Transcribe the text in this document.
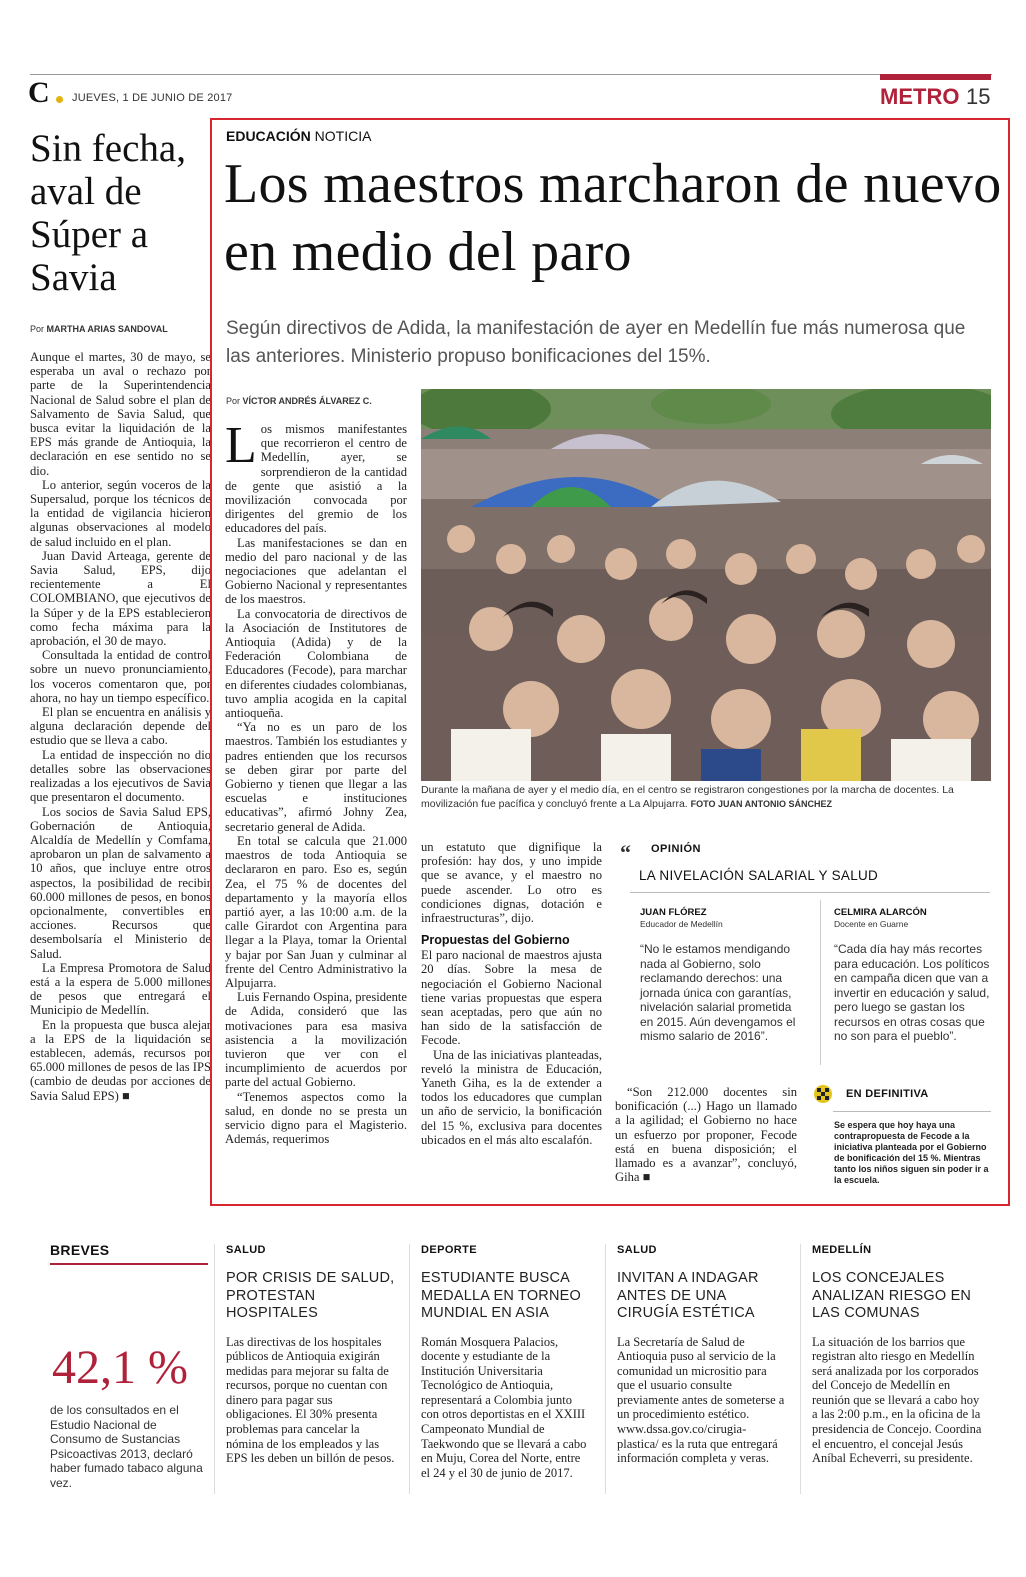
C JUEVES, 1 DE JUNIO DE 2017	METRO 15
Sin fecha, aval de Súper a Savia
Por MARTHA ARIAS SANDOVAL

Aunque el martes, 30 de mayo, se esperaba un aval o rechazo por parte de la Superintendencia Nacional de Salud sobre el plan de Salvamento de Savia Salud, que busca evitar la liquidación de la EPS más grande de Antioquia, la declaración en ese sentido no se dio.

Lo anterior, según voceros de la Supersalud, porque los técnicos de la entidad de vigilancia hicieron algunas observaciones al modelo de salud incluido en el plan.

Juan David Arteaga, gerente de Savia Salud, EPS, dijo recientemente a El COLOMBIANO, que ejecutivos de la Súper y de la EPS establecieron como fecha máxima para la aprobación, el 30 de mayo.

Consultada la entidad de control sobre un nuevo pronunciamiento, los voceros comentaron que, por ahora, no hay un tiempo específico.

El plan se encuentra en análisis y alguna declaración depende del estudio que se lleva a cabo.

La entidad de inspección no dio detalles sobre las observaciones realizadas a los ejecutivos de Savia que presentaron el documento.

Los socios de Savia Salud EPS, Gobernación de Antioquia, Alcaldía de Medellín y Comfama, aprobaron un plan de salvamento a 10 años, que incluye entre otros aspectos, la posibilidad de recibir 60.000 millones de pesos, en bonos opcionalmente, convertibles en acciones. Recursos que desembolsaría el Ministerio de Salud.

La Empresa Promotora de Salud está a la espera de 5.000 millones de pesos que entregará el Municipio de Medellín.

En la propuesta que busca alejar a la EPS de la liquidación se establecen, además, recursos por 65.000 millones de pesos de las IPS (cambio de deudas por acciones de Savia Salud EPS) ■

EDUCACIÓN NOTICIA
Los maestros marcharon de nuevo en medio del paro
Según directivos de Adida, la manifestación de ayer en Medellín fue más numerosa que las anteriores. Ministerio propuso bonificaciones del 15%.
Por VÍCTOR ANDRÉS ÁLVAREZ C.

Los mismos manifestantes que recorrieron el centro de Medellín, ayer, se sorprendieron de la cantidad de gente que asistió a la movilización convocada por dirigentes del gremio de los educadores del país.

Las manifestaciones se dan en medio del paro nacional y de las negociaciones que adelantan el Gobierno Nacional y representantes de los maestros.

La convocatoria de directivos de la Asociación de Institutores de Antioquia (Adida) y de la Federación Colombiana de Educadores (Fecode), para marchar en diferentes ciudades colombianas, tuvo amplia acogida en la capital antioqueña.

“Ya no es un paro de los maestros. También los estudiantes y padres entienden que los recursos se deben girar por parte del Gobierno y tienen que llegar a las escuelas e instituciones educativas”, afirmó Johny Zea, secretario general de Adida.

En total se calcula que 21.000 maestros de toda Antioquia se declararon en paro. Eso es, según Zea, el 75 % de docentes del departamento y la mayoría ellos partió ayer, a las 10:00 a.m. de la calle Girardot con Argentina para llegar a la Playa, tomar la Oriental y bajar por San Juan y culminar al frente del Centro Administrativo la Alpujarra.

Luis Fernando Ospina, presidente de Adida, consideró que las motivaciones para esa masiva asistencia a la movilización tuvieron que ver con el incumplimiento de acuerdos por parte del actual Gobierno.

“Tenemos aspectos como la salud, en donde no se presta un servicio digno para el Magisterio. Además, requerimos

Durante la mañana de ayer y el medio día, en el centro se registraron congestiones por la marcha de docentes. La movilización fue pacífica y concluyó frente a La Alpujarra. FOTO JUAN ANTONIO SÁNCHEZ

un estatuto que dignifique la profesión: hay dos, y uno impide que se avance, y el maestro no puede ascender. Lo otro es condiciones dignas, dotación e infraestructuras”, dijo.

Propuestas del Gobierno

El paro nacional de maestros ajusta 20 días. Sobre la mesa de negociación el Gobierno Nacional tiene varias propuestas que espera sean aceptadas, pero que aún no han sido de la satisfacción de Fecode.

Una de las iniciativas planteadas, reveló la ministra de Educación, Yaneth Giha, es la de extender a todos los educadores que cumplan un año de servicio, la bonificación del 15 %, exclusiva para docentes ubicados en el más alto escalafón.

“Son 212.000 docentes sin bonificación (...) Hago un llamado a la agilidad; el Gobierno no hace un esfuerzo por proponer, Fecode está en buena disposición; el llamado es a avanzar”, concluyó, Giha ■

“ OPINIÓN
LA NIVELACIÓN SALARIAL Y SALUD
JUAN FLÓREZ
Educador de Medellín
“No le estamos mendigando nada al Gobierno, solo reclamando derechos: una jornada única con garantías, nivelación salarial prometida en 2015. Aún devengamos el mismo salario de 2016”.
CELMIRA ALARCÓN
Docente en Guarne
“Cada día hay más recortes para educación. Los políticos en campaña dicen que van a invertir en educación y salud, pero luego se gastan los recursos en otras cosas que no son para el pueblo”.
EN DEFINITIVA
Se espera que hoy haya una contrapropuesta de Fecode a la iniciativa planteada por el Gobierno de bonificación del 15 %. Mientras tanto los niños siguen sin poder ir a la escuela.
BREVES
42,1 %
de los consultados en el Estudio Nacional de Consumo de Sustancias Psicoactivas 2013, declaró haber fumado tabaco alguna vez.
SALUD
POR CRISIS DE SALUD, PROTESTAN HOSPITALES
Las directivas de los hospitales públicos de Antioquia exigirán medidas para mejorar su falta de recursos, porque no cuentan con dinero para pagar sus obligaciones. El 30% presenta problemas para cancelar la nómina de los empleados y las EPS les deben un billón de pesos.
DEPORTE
ESTUDIANTE BUSCA MEDALLA EN TORNEO MUNDIAL EN ASIA
Román Mosquera Palacios, docente y estudiante de la Institución Universitaria Tecnológico de Antioquia, representará a Colombia junto con otros deportistas en el XXIII Campeonato Mundial de Taekwondo que se llevará a cabo en Muju, Corea del Norte, entre el 24 y el 30 de junio de 2017.
SALUD
INVITAN A INDAGAR ANTES DE UNA CIRUGÍA ESTÉTICA
La Secretaría de Salud de Antioquia puso al servicio de la comunidad un micrositio para que el usuario consulte previamente antes de someterse a un procedimiento estético. www.dssa.gov.co/cirugia-plastica/ es la ruta que entregará información completa y veras.
MEDELLÍN
LOS CONCEJALES ANALIZAN RIESGO EN LAS COMUNAS
La situación de los barrios que registran alto riesgo en Medellín será analizada por los corporados del Concejo de Medellín en reunión que se llevará a cabo hoy a las 2:00 p.m., en la oficina de la presidencia de Concejo. Coordina el encuentro, el concejal Jesús Aníbal Echeverri, su presidente.
